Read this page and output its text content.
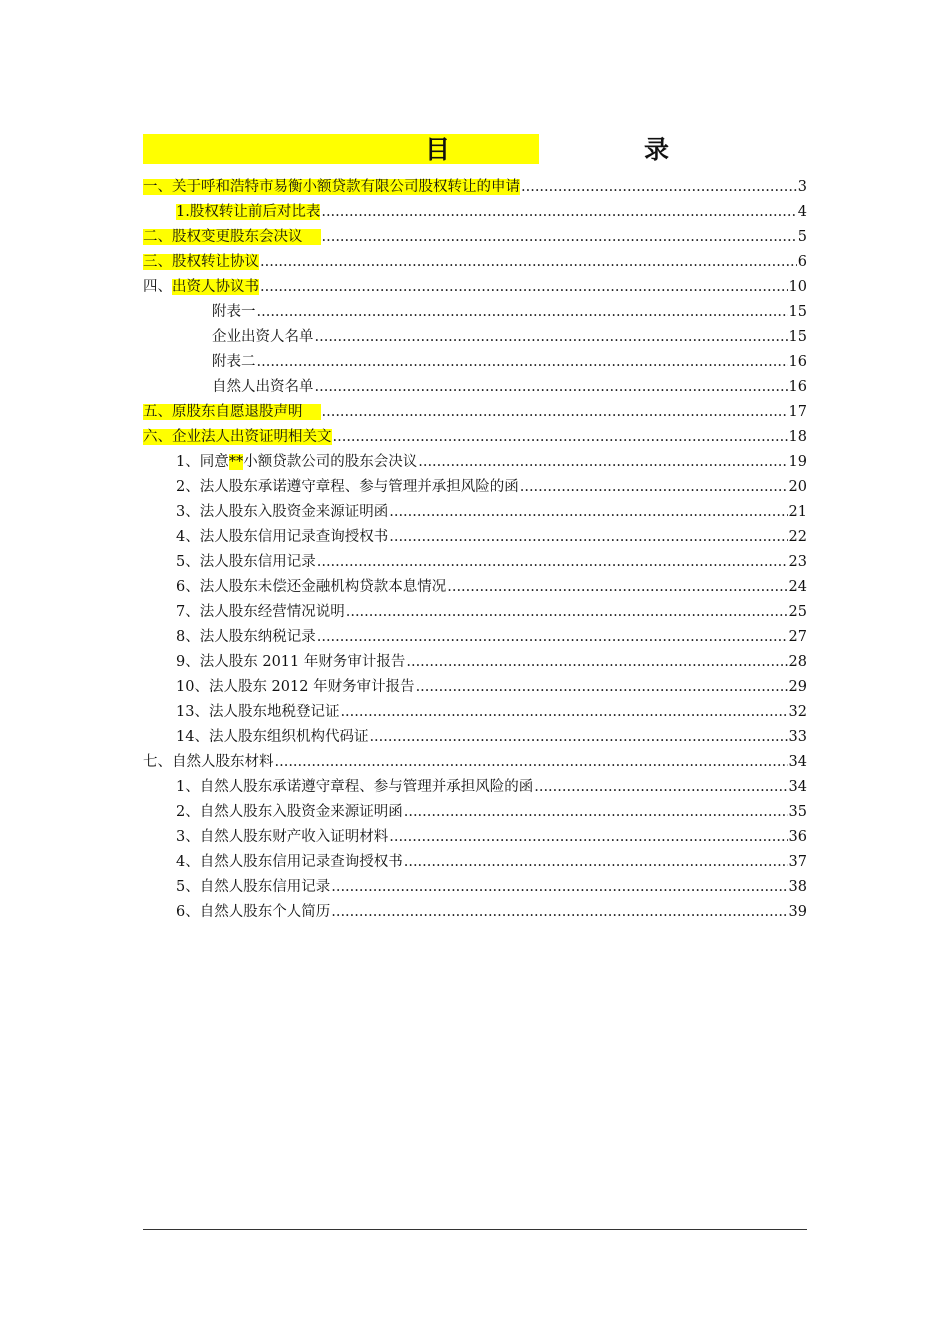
目　　录
一、关于呼和浩特市易衡小额贷款有限公司股权转让的申请 .....	3
1.股权转让前后对比表 .....	4
二、股权变更股东会决议 .....	5
三、股权转让协议 .....	6
四、出资人协议书 .....	10
附表一 .....	15
企业出资人名单 .....	15
附表二 .....	16
自然人出资名单 .....	16
五、原股东自愿退股声明 .....	17
六、企业法人出资证明相关文 .....	18
1、同意**小额贷款公司的股东会决议 .....	19
2、法人股东承诺遵守章程、参与管理并承担风险的函 .....	20
3、法人股东入股资金来源证明函 .....	21
4、法人股东信用记录查询授权书 .....	22
5、法人股东信用记录 .....	23
6、法人股东未偿还金融机构贷款本息情况 .....	24
7、法人股东经营情况说明 .....	25
8、法人股东纳税记录 .....	27
9、法人股东 2011 年财务审计报告 .....	28
10、法人股东 2012 年财务审计报告 .....	29
13、法人股东地税登记证 .....	32
14、法人股东组织机构代码证 .....	33
七、自然人股东材料 .....	34
1、自然人股东承诺遵守章程、参与管理并承担风险的函 .....	34
2、自然人股东入股资金来源证明函 .....	35
3、自然人股东财产收入证明材料 .....	36
4、自然人股东信用记录查询授权书 .....	37
5、自然人股东信用记录 .....	38
6、自然人股东个人简历 .....	39
